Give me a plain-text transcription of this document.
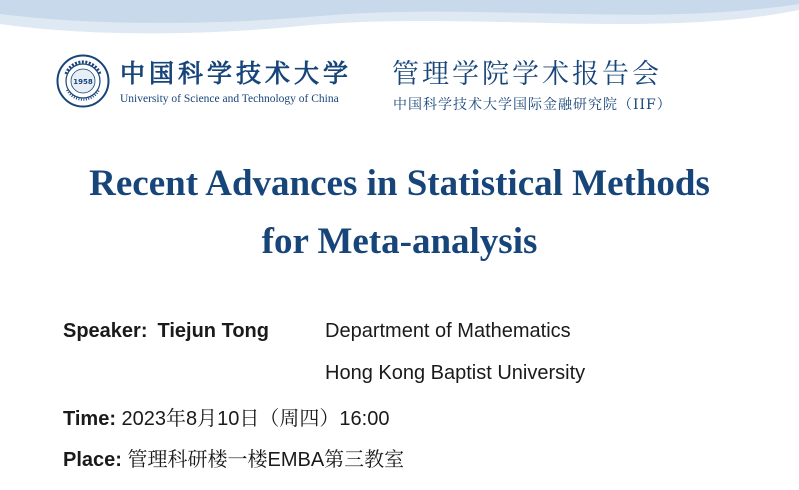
1958 中国科学技术大学
University of Science and Technology of China
管理学院学术报告会
中国科学技术大学国际金融研究院（IIF）
Recent Advances in Statistical Methods
for Meta-analysis
Speaker: Tiejun Tong	Department of Mathematics
Hong Kong Baptist University
Time: 2023年8月10日（周四）16:00
Place: 管理科研楼一楼EMBA第三教室
